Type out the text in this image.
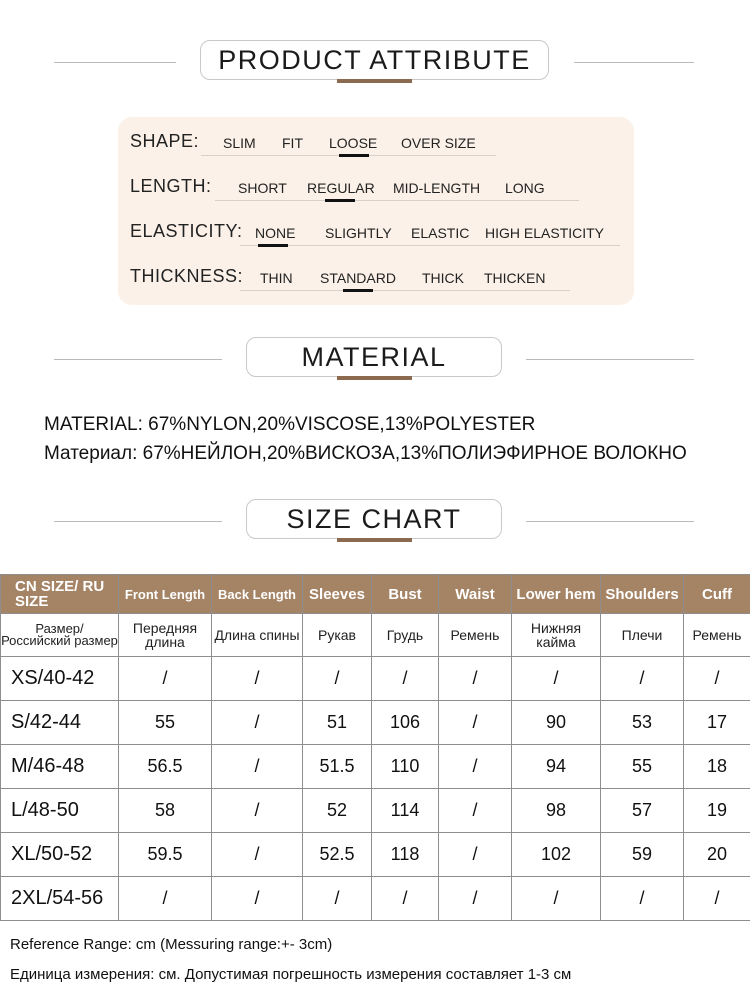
PRODUCT ATTRIBUTE
SHAPE: SLIM FIT LOOSE OVER SIZE
LENGTH: SHORT REGULAR MID-LENGTH LONG
ELASTICITY: NONE SLIGHTLY ELASTIC HIGH ELASTICITY
THICKNESS: THIN STANDARD THICK THICKEN
MATERIAL
MATERIAL: 67%NYLON,20%VISCOSE,13%POLYESTER
Материал: 67%НЕЙЛОН,20%ВИСКОЗА,13%ПОЛИЭФИРНОЕ ВОЛОКНО
SIZE CHART
CN SIZE/ RU SIZE	Front Length	Back Length	Sleeves	Bust	Waist	Lower hem	Shoulders	Cuff
Размер/ Российский размер	Передняя длина	Длина спины	Рукав	Грудь	Ремень	Нижняя кайма	Плечи	Ремень
XS/40-42	/	/	/	/	/	/	/	/
S/42-44	55	/	51	106	/	90	53	17
M/46-48	56.5	/	51.5	110	/	94	55	18
L/48-50	58	/	52	114	/	98	57	19
XL/50-52	59.5	/	52.5	118	/	102	59	20
2XL/54-56	/	/	/	/	/	/	/	/
Reference Range: cm (Messuring range:+- 3cm)
Единица измерения: см. Допустимая погрешность измерения составляет 1-3 см
